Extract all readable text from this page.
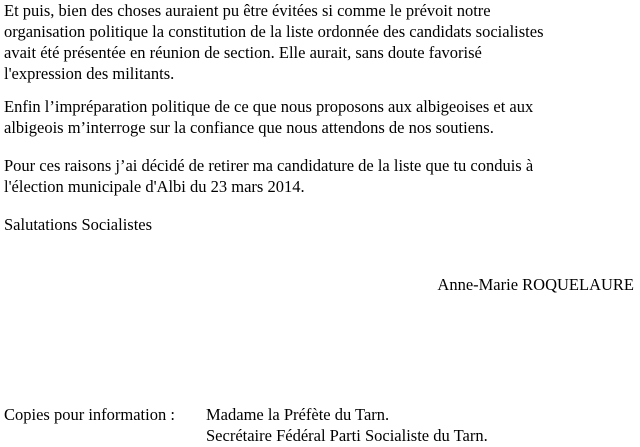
Et puis, bien des choses auraient pu être évitées si comme le prévoit notre
organisation politique la constitution de la liste ordonnée des candidats socialistes
avait été présentée en réunion de section. Elle aurait, sans doute favorisé
l'expression des militants.

Enfin l’impréparation politique de ce que nous proposons aux albigeoises et aux
albigeois m’interroge sur la confiance que nous attendons de nos soutiens.

Pour ces raisons j’ai décidé de retirer ma candidature de la liste que tu conduis à
l'élection municipale d'Albi du 23 mars 2014.

Salutations Socialistes

Anne-Marie ROQUELAURE
Copies pour information : Madame la Préfète du Tarn.
Secrétaire Fédéral Parti Socialiste du Tarn.
